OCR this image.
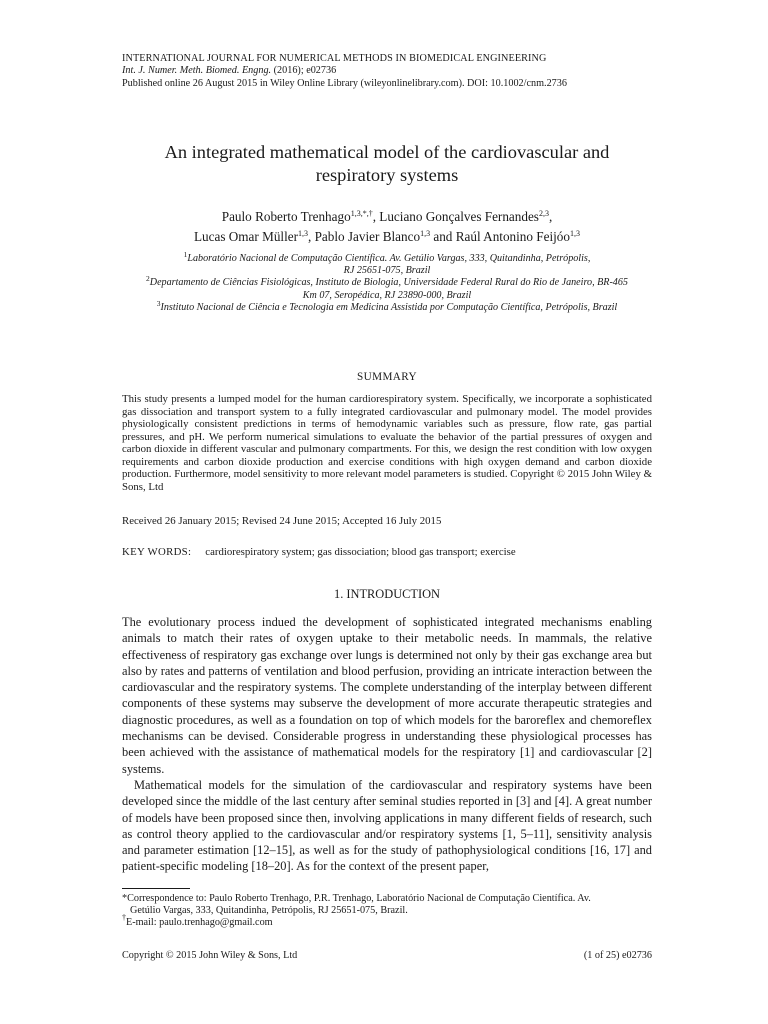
INTERNATIONAL JOURNAL FOR NUMERICAL METHODS IN BIOMEDICAL ENGINEERING
Int. J. Numer. Meth. Biomed. Engng. (2016); e02736
Published online 26 August 2015 in Wiley Online Library (wileyonlinelibrary.com). DOI: 10.1002/cnm.2736
An integrated mathematical model of the cardiovascular and
respiratory systems
Paulo Roberto Trenhago$^{1,3,*,\dagger}$, Luciano Gonçalves Fernandes$^{2,3}$,
Lucas Omar Müller$^{1,3}$, Pablo Javier Blanco$^{1,3}$ and Raúl Antonino Feijóo$^{1,3}$
$^1$Laboratório Nacional de Computação Científica. Av. Getúlio Vargas, 333, Quitandinha, Petrópolis,
RJ 25651-075, Brazil
$^2$Departamento de Ciências Fisiológicas, Instituto de Biologia, Universidade Federal Rural do Rio de Janeiro, BR-465
Km 07, Seropédica, RJ 23890-000, Brazil
$^3$Instituto Nacional de Ciência e Tecnologia em Medicina Assistida por Computação Científica, Petrópolis, Brazil
SUMMARY
This study presents a lumped model for the human cardiorespiratory system. Specifically, we incorporate a sophisticated gas dissociation and transport system to a fully integrated cardiovascular and pulmonary model. The model provides physiologically consistent predictions in terms of hemodynamic variables such as pressure, flow rate, gas partial pressures, and pH. We perform numerical simulations to evaluate the behavior of the partial pressures of oxygen and carbon dioxide in different vascular and pulmonary compartments. For this, we design the rest condition with low oxygen requirements and carbon dioxide production and exercise conditions with high oxygen demand and carbon dioxide production. Furthermore, model sensitivity to more relevant model parameters is studied. Copyright © 2015 John Wiley & Sons, Ltd
Received 26 January 2015; Revised 24 June 2015; Accepted 16 July 2015
KEY WORDS: cardiorespiratory system; gas dissociation; blood gas transport; exercise
1. INTRODUCTION

The evolutionary process indued the development of sophisticated integrated mechanisms enabling animals to match their rates of oxygen uptake to their metabolic needs. In mammals, the relative effectiveness of respiratory gas exchange over lungs is determined not only by their gas exchange area but also by rates and patterns of ventilation and blood perfusion, providing an intricate interaction between the cardiovascular and the respiratory systems. The complete understanding of the interplay between different components of these systems may subserve the development of more accurate therapeutic strategies and diagnostic procedures, as well as a foundation on top of which models for the baroreflex and chemoreflex mechanisms can be devised. Considerable progress in understanding these physiological processes has been achieved with the assistance of mathematical models for the respiratory [1] and cardiovascular [2] systems.

Mathematical models for the simulation of the cardiovascular and respiratory systems have been developed since the middle of the last century after seminal studies reported in [3] and [4]. A great number of models have been proposed since then, involving applications in many different fields of research, such as control theory applied to the cardiovascular and/or respiratory systems [1, 5–11], sensitivity analysis and parameter estimation [12–15], as well as for the study of pathophysiological conditions [16, 17] and patient-specific modeling [18–20]. As for the context of the present paper,

*Correspondence to: Paulo Roberto Trenhago, P.R. Trenhago, Laboratório Nacional de Computação Científica. Av.
Getúlio Vargas, 333, Quitandinha, Petrópolis, RJ 25651-075, Brazil.
†E-mail: paulo.trenhago@gmail.com
Copyright © 2015 John Wiley & Sons, Ltd	(1 of 25) e02736
